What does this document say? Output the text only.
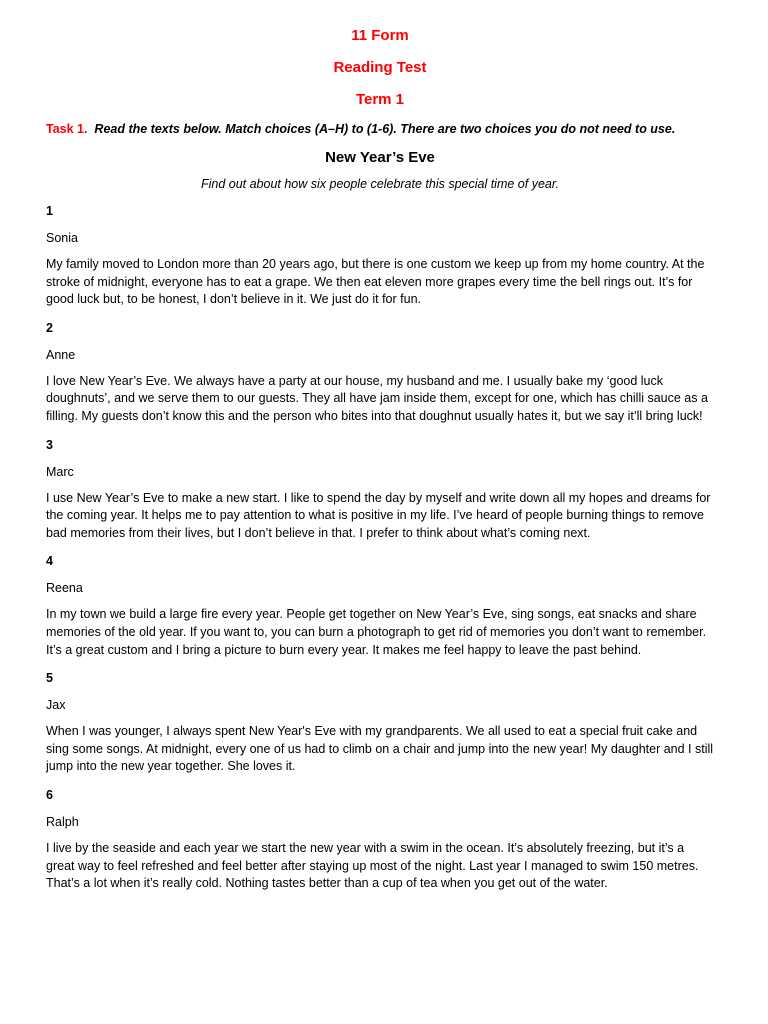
11 Form
Reading Test
Term 1
Task 1. Read the texts below. Match choices (A–H) to (1-6). There are two choices you do not need to use.
New Year’s Eve
Find out about how six people celebrate this special time of year.
1
Sonia
My family moved to London more than 20 years ago, but there is one custom we keep up from my home country. At the stroke of midnight, everyone has to eat a grape. We then eat eleven more grapes every time the bell rings out. It’s for good luck but, to be honest, I don’t believe in it. We just do it for fun.
2
Anne
I love New Year’s Eve. We always have a party at our house, my husband and me. I usually bake my ‘good luck doughnuts’, and we serve them to our guests. They all have jam inside them, except for one, which has chilli sauce as a filling. My guests don’t know this and the person who bites into that doughnut usually hates it, but we say it’ll bring luck!
3
Marc
I use New Year’s Eve to make a new start. I like to spend the day by myself and write down all my hopes and dreams for the coming year. It helps me to pay attention to what is positive in my life. I’ve heard of people burning things to remove bad memories from their lives, but I don’t believe in that. I prefer to think about what’s coming next.
4
Reena
In my town we build a large fire every year. People get together on New Year’s Eve, sing songs, eat snacks and share memories of the old year. If you want to, you can burn a photograph to get rid of memories you don’t want to remember. It’s a great custom and I bring a picture to burn every year. It makes me feel happy to leave the past behind.
5
Jax
When I was younger, I always spent New Year's Eve with my grandparents. We all used to eat a special fruit cake and sing some songs. At midnight, every one of us had to climb on a chair and jump into the new year! My daughter and I still jump into the new year together. She loves it.
6
Ralph
I live by the seaside and each year we start the new year with a swim in the ocean. It’s absolutely freezing, but it’s a great way to feel refreshed and feel better after staying up most of the night. Last year I managed to swim 150 metres. That’s a lot when it’s really cold. Nothing tastes better than a cup of tea when you get out of the water.
